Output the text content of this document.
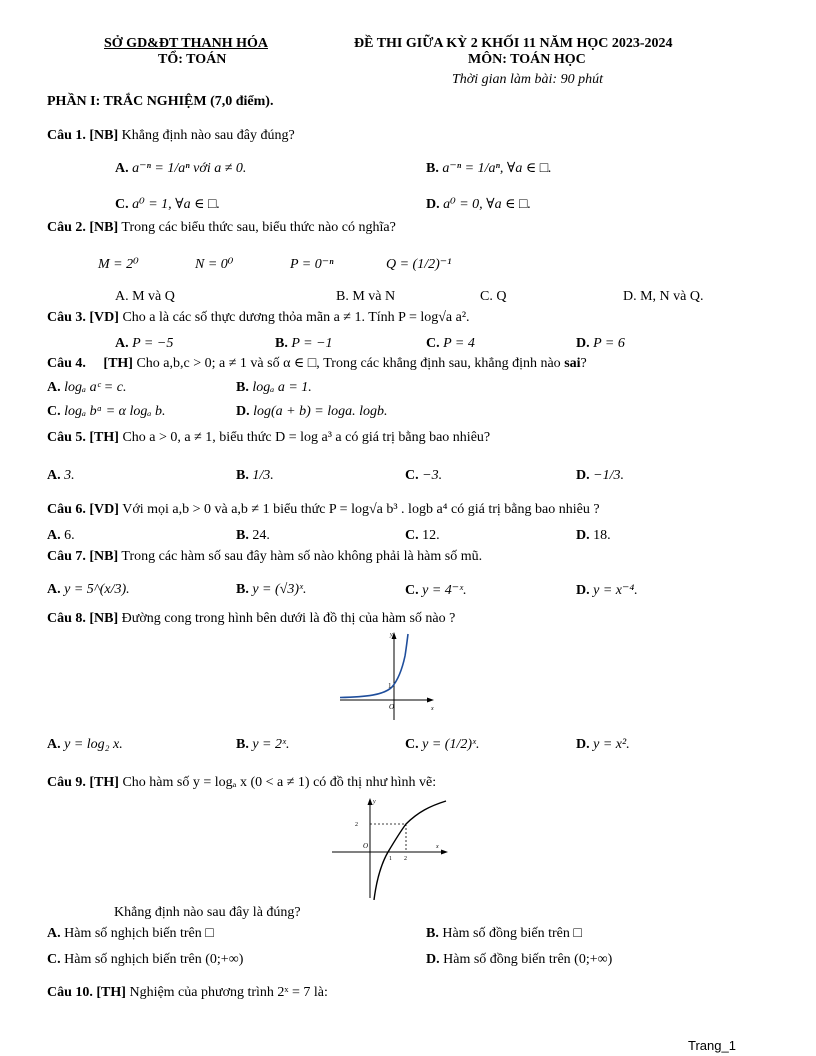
SỞ GD&ĐT THANH HÓA
TỔ: TOÁN
ĐỀ THI GIỮA KỲ 2 KHỐI 11 NĂM HỌC 2023-2024
MÔN: TOÁN HỌC
Thời gian làm bài: 90 phút
PHẦN I: TRẮC NGHIỆM (7,0 điểm).
Câu 1. [NB] Khẳng định nào sau đây đúng?
A. a⁻ⁿ = 1/aⁿ với a ≠ 0.	B. a⁻ⁿ = 1/aⁿ, ∀a ∈ □.
C. a⁰ = 1, ∀a ∈ □.	D. a⁰ = 0, ∀a ∈ □.
Câu 2. [NB] Trong các biểu thức sau, biểu thức nào có nghĩa?
M = 2⁰	N = 0⁰	P = 0⁻ⁿ	Q = (1/2)⁻¹
A. M và Q	B. M và N	C. Q	D. M, N và Q.
Câu 3. [VD] Cho a là các số thực dương thỏa mãn a ≠ 1. Tính P = log√a a².
A. P = −5	B. P = −1	C. P = 4	D. P = 6
Câu 4. [TH] Cho a,b,c > 0; a ≠ 1 và số α ∈ □, Trong các khẳng định sau, khẳng định nào sai?
A. logₐ aᶜ = c.	B. logₐ a = 1.
C. logₐ bᵅ = α logₐ b.	D. log(a + b) = loga. logb.
Câu 5. [TH] Cho a > 0, a ≠ 1, biểu thức D = log a³ a có giá trị bằng bao nhiêu?
A. 3.	B. 1/3.	C. −3.	D. −1/3.
Câu 6. [VD] Với mọi a,b > 0 và a,b ≠ 1 biểu thức P = log√a b³ . logb a⁴ có giá trị bằng bao nhiêu ?
A. 6.	B. 24.	C. 12.	D. 18.
Câu 7. [NB] Trong các hàm số sau đây hàm số nào không phải là hàm số mũ.
A. y = 5^(x/3).	B. y = (√3)ˣ.	C. y = 4⁻ˣ.	D. y = x⁻⁴.
Câu 8. [NB] Đường cong trong hình bên dưới là đồ thị của hàm số nào ?
y
x
O
1
A. y = log₂ x.	B. y = 2ˣ.	C. y = (1/2)ˣ.	D. y = x².
Câu 9. [TH] Cho hàm số y = logₐ x (0 < a ≠ 1) có đồ thị như hình vẽ:
y
x
O
2
1 2
Khẳng định nào sau đây là đúng?
A. Hàm số nghịch biến trên □	B. Hàm số đồng biến trên □
C. Hàm số nghịch biến trên (0;+∞)	D. Hàm số đồng biến trên (0;+∞)
Câu 10. [TH] Nghiệm của phương trình 2ˣ = 7 là:
Trang_1
